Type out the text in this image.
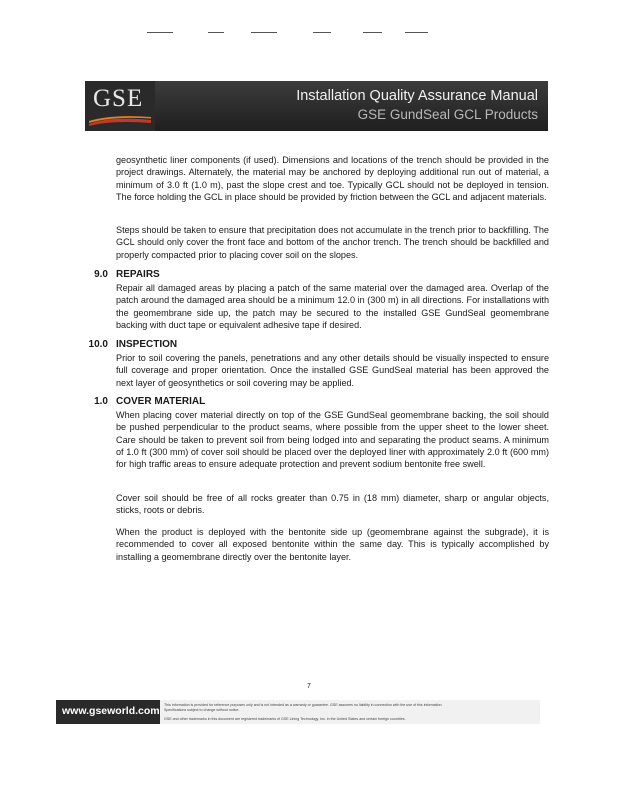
GSE	Installation Quality Assurance Manual
GSE GundSeal GCL Products

geosynthetic liner components (if used). Dimensions and locations of the trench should be provided in the project drawings. Alternately, the material may be anchored by deploying additional run out of material, a minimum of 3.0 ft (1.0 m), past the slope crest and toe. Typically GCL should not be deployed in tension. The force holding the GCL in place should be provided by friction between the GCL and adjacent materials.

Steps should be taken to ensure that precipitation does not accumulate in the trench prior to backfilling. The GCL should only cover the front face and bottom of the anchor trench. The trench should be backfilled and properly compacted prior to placing cover soil on the slopes.

9.0 REPAIRS

Repair all damaged areas by placing a patch of the same material over the damaged area. Overlap of the patch around the damaged area should be a minimum 12.0 in (300 m) in all directions. For installations with the geomembrane side up, the patch may be secured to the installed GSE GundSeal geomembrane backing with duct tape or equivalent adhesive tape if desired.

10.0 INSPECTION

Prior to soil covering the panels, penetrations and any other details should be visually inspected to ensure full coverage and proper orientation. Once the installed GSE GundSeal material has been approved the next layer of geosynthetics or soil covering may be applied.

1.0 COVER MATERIAL

When placing cover material directly on top of the GSE GundSeal geomembrane backing, the soil should be pushed perpendicular to the product seams, where possible from the upper sheet to the lower sheet. Care should be taken to prevent soil from being lodged into and separating the product seams. A minimum of 1.0 ft (300 mm) of cover soil should be placed over the deployed liner with approximately 2.0 ft (600 mm) for high traffic areas to ensure adequate protection and prevent sodium bentonite free swell.

Cover soil should be free of all rocks greater than 0.75 in (18 mm) diameter, sharp or angular objects, sticks, roots or debris.

When the product is deployed with the bentonite side up (geomembrane against the subgrade), it is recommended to cover all exposed bentonite within the same day. This is typically accomplished by installing a geomembrane directly over the bentonite layer.

7
www.gseworld.com This information is provided for reference purposes only and is not intended as a warranty or guarantee. GSE assumes no liability in connection with the use of this information.
Specifications subject to change without notice.
GSE and other trademarks in this document are registered trademarks of GSE Lining Technology, Inc. in the United States and certain foreign countries.
